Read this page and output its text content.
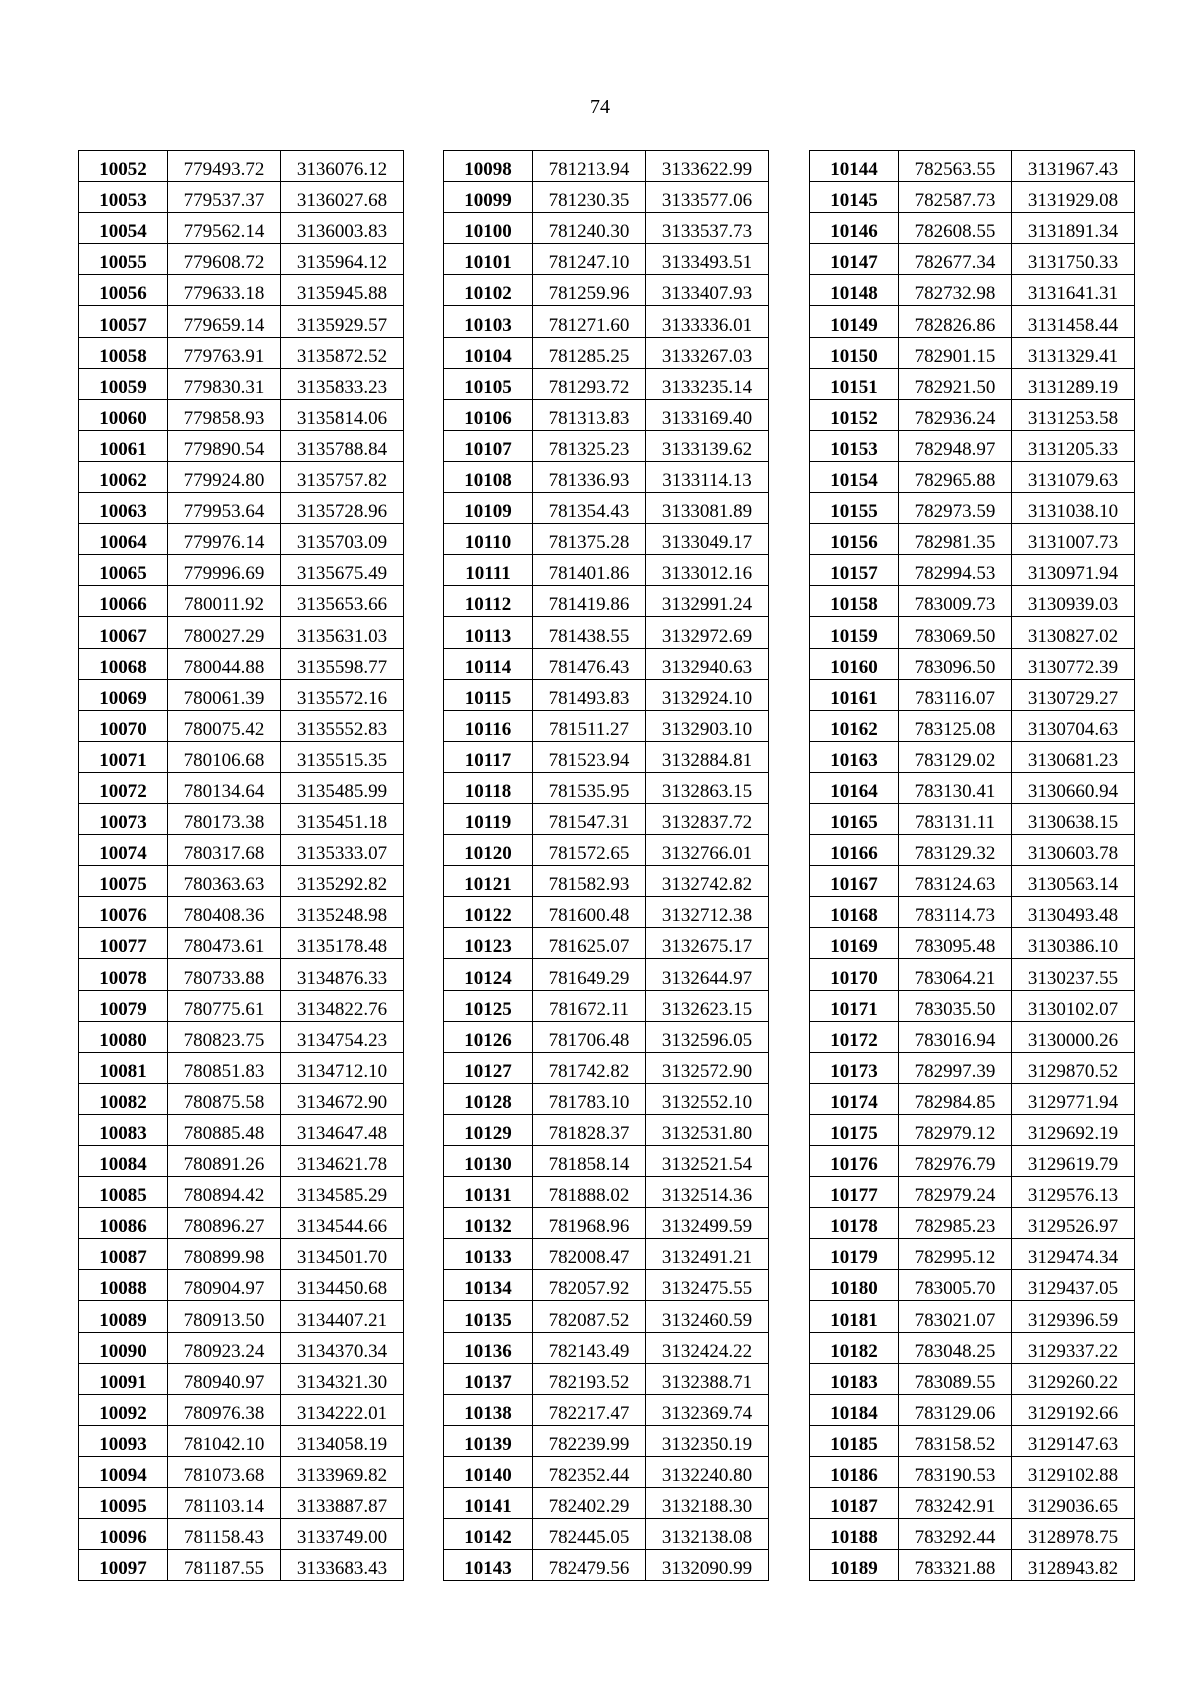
74
10052	779493.72	3136076.12
10053	779537.37	3136027.68
10054	779562.14	3136003.83
10055	779608.72	3135964.12
10056	779633.18	3135945.88
10057	779659.14	3135929.57
10058	779763.91	3135872.52
10059	779830.31	3135833.23
10060	779858.93	3135814.06
10061	779890.54	3135788.84
10062	779924.80	3135757.82
10063	779953.64	3135728.96
10064	779976.14	3135703.09
10065	779996.69	3135675.49
10066	780011.92	3135653.66
10067	780027.29	3135631.03
10068	780044.88	3135598.77
10069	780061.39	3135572.16
10070	780075.42	3135552.83
10071	780106.68	3135515.35
10072	780134.64	3135485.99
10073	780173.38	3135451.18
10074	780317.68	3135333.07
10075	780363.63	3135292.82
10076	780408.36	3135248.98
10077	780473.61	3135178.48
10078	780733.88	3134876.33
10079	780775.61	3134822.76
10080	780823.75	3134754.23
10081	780851.83	3134712.10
10082	780875.58	3134672.90
10083	780885.48	3134647.48
10084	780891.26	3134621.78
10085	780894.42	3134585.29
10086	780896.27	3134544.66
10087	780899.98	3134501.70
10088	780904.97	3134450.68
10089	780913.50	3134407.21
10090	780923.24	3134370.34
10091	780940.97	3134321.30
10092	780976.38	3134222.01
10093	781042.10	3134058.19
10094	781073.68	3133969.82
10095	781103.14	3133887.87
10096	781158.43	3133749.00
10097	781187.55	3133683.43
10098	781213.94	3133622.99
10099	781230.35	3133577.06
10100	781240.30	3133537.73
10101	781247.10	3133493.51
10102	781259.96	3133407.93
10103	781271.60	3133336.01
10104	781285.25	3133267.03
10105	781293.72	3133235.14
10106	781313.83	3133169.40
10107	781325.23	3133139.62
10108	781336.93	3133114.13
10109	781354.43	3133081.89
10110	781375.28	3133049.17
10111	781401.86	3133012.16
10112	781419.86	3132991.24
10113	781438.55	3132972.69
10114	781476.43	3132940.63
10115	781493.83	3132924.10
10116	781511.27	3132903.10
10117	781523.94	3132884.81
10118	781535.95	3132863.15
10119	781547.31	3132837.72
10120	781572.65	3132766.01
10121	781582.93	3132742.82
10122	781600.48	3132712.38
10123	781625.07	3132675.17
10124	781649.29	3132644.97
10125	781672.11	3132623.15
10126	781706.48	3132596.05
10127	781742.82	3132572.90
10128	781783.10	3132552.10
10129	781828.37	3132531.80
10130	781858.14	3132521.54
10131	781888.02	3132514.36
10132	781968.96	3132499.59
10133	782008.47	3132491.21
10134	782057.92	3132475.55
10135	782087.52	3132460.59
10136	782143.49	3132424.22
10137	782193.52	3132388.71
10138	782217.47	3132369.74
10139	782239.99	3132350.19
10140	782352.44	3132240.80
10141	782402.29	3132188.30
10142	782445.05	3132138.08
10143	782479.56	3132090.99
10144	782563.55	3131967.43
10145	782587.73	3131929.08
10146	782608.55	3131891.34
10147	782677.34	3131750.33
10148	782732.98	3131641.31
10149	782826.86	3131458.44
10150	782901.15	3131329.41
10151	782921.50	3131289.19
10152	782936.24	3131253.58
10153	782948.97	3131205.33
10154	782965.88	3131079.63
10155	782973.59	3131038.10
10156	782981.35	3131007.73
10157	782994.53	3130971.94
10158	783009.73	3130939.03
10159	783069.50	3130827.02
10160	783096.50	3130772.39
10161	783116.07	3130729.27
10162	783125.08	3130704.63
10163	783129.02	3130681.23
10164	783130.41	3130660.94
10165	783131.11	3130638.15
10166	783129.32	3130603.78
10167	783124.63	3130563.14
10168	783114.73	3130493.48
10169	783095.48	3130386.10
10170	783064.21	3130237.55
10171	783035.50	3130102.07
10172	783016.94	3130000.26
10173	782997.39	3129870.52
10174	782984.85	3129771.94
10175	782979.12	3129692.19
10176	782976.79	3129619.79
10177	782979.24	3129576.13
10178	782985.23	3129526.97
10179	782995.12	3129474.34
10180	783005.70	3129437.05
10181	783021.07	3129396.59
10182	783048.25	3129337.22
10183	783089.55	3129260.22
10184	783129.06	3129192.66
10185	783158.52	3129147.63
10186	783190.53	3129102.88
10187	783242.91	3129036.65
10188	783292.44	3128978.75
10189	783321.88	3128943.82
